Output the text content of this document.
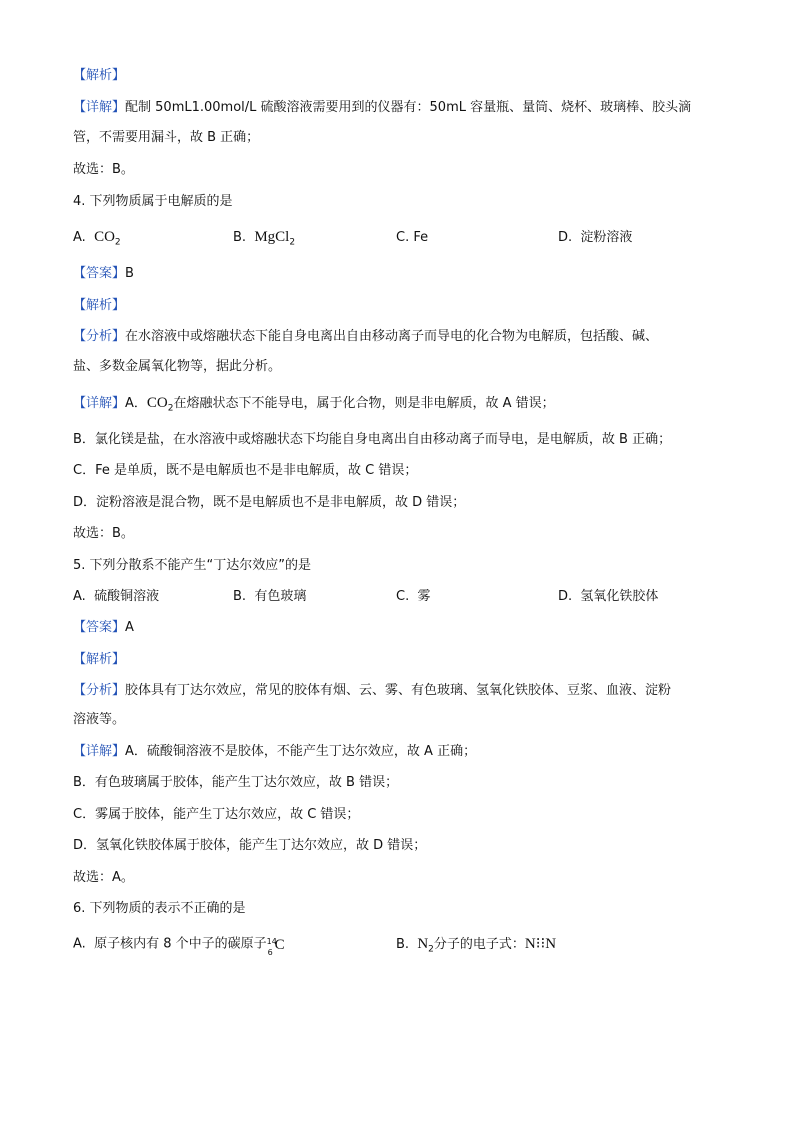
【解析】
【详解】配制 50mL1.00mol/L 硫酸溶液需要用到的仪器有：50mL 容量瓶、量筒、烧杯、玻璃棒、胶头滴
管，不需要用漏斗，故 B 正确；
故选：B。
4. 下列物质属于电解质的是
A. $CO_2$	B. MgCl$_2$	C. Fe	D. 淀粉溶液
【答案】B
【解析】
【分析】在水溶液中或熔融状态下能自身电离出自由移动离子而导电的化合物为电解质，包括酸、碱、
盐、多数金属氧化物等，据此分析。
【详解】A．$CO_2$在熔融状态下不能导电，属于化合物，则是非电解质，故 A 错误；
B．氯化镁是盐，在水溶液中或熔融状态下均能自身电离出自由移动离子而导电，是电解质，故 B 正确；
C．Fe 是单质，既不是电解质也不是非电解质，故 C 错误；
D．淀粉溶液是混合物，既不是电解质也不是非电解质，故 D 错误；
故选：B。
5. 下列分散系不能产生“丁达尔效应”的是
A. 硫酸铜溶液	B. 有色玻璃	C. 雾	D. 氢氧化铁胶体
【答案】A
【解析】
【分析】胶体具有丁达尔效应，常见的胶体有烟、云、雾、有色玻璃、氢氧化铁胶体、豆浆、血液、淀粉
溶液等。
【详解】A．硫酸铜溶液不是胶体，不能产生丁达尔效应，故 A 正确；
B．有色玻璃属于胶体，能产生丁达尔效应，故 B 错误；
C．雾属于胶体，能产生丁达尔效应，故 C 错误；
D．氢氧化铁胶体属于胶体，能产生丁达尔效应，故 D 错误；
故选：A。
6. 下列物质的表示不正确的是
A. 原子核内有 8 个中子的碳原子 14
6 C	B. $N_2$分子的电子式：N⁝⁝N
